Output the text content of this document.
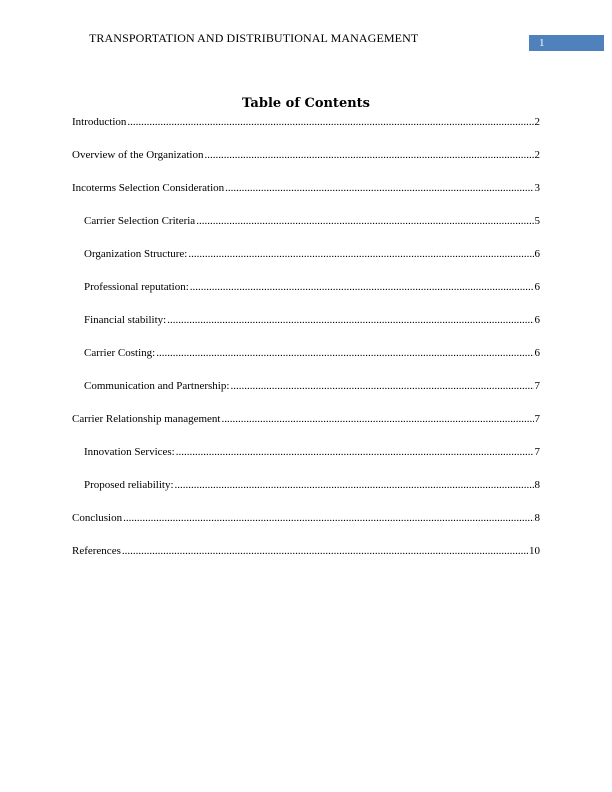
TRANSPORTATION AND DISTRIBUTIONAL MANAGEMENT	1
Table of Contents
Introduction .....	2
Overview of the Organization .....	2
Incoterms Selection Consideration .....	3
Carrier Selection Criteria .....	5
Organization Structure: .....	6
Professional reputation: .....	6
Financial stability: .....	6
Carrier Costing: .....	6
Communication and Partnership: .....	7
Carrier Relationship management .....	7
Innovation Services: .....	7
Proposed reliability: .....	8
Conclusion .....	8
References .....	10
